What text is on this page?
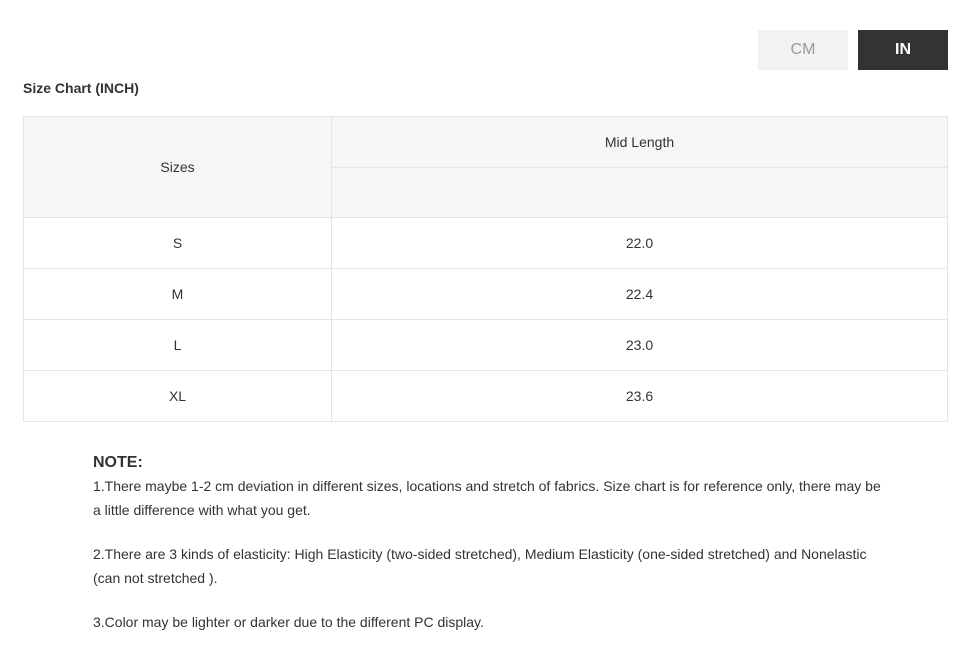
CM	IN
Size Chart (INCH)
Sizes	Mid Length

S	22.0
M	22.4
L	23.0
XL	23.6
NOTE:

1.There maybe 1-2 cm deviation in different sizes, locations and stretch of fabrics. Size chart is for reference only, there may be a little difference with what you get.

2.There are 3 kinds of elasticity: High Elasticity (two-sided stretched), Medium Elasticity (one-sided stretched) and Nonelastic (can not stretched ).

3.Color may be lighter or darker due to the different PC display.
